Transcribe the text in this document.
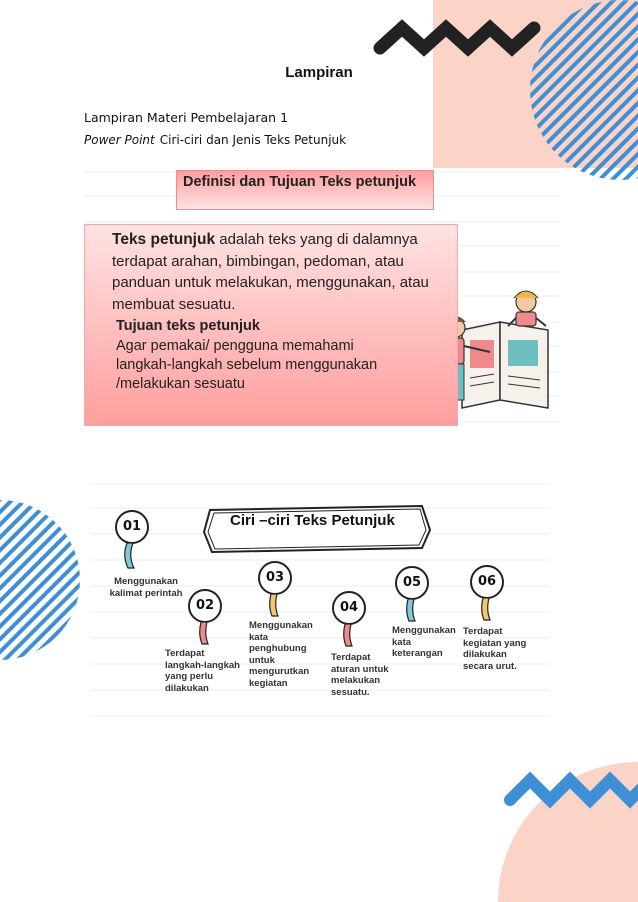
Lampiran
Lampiran Materi Pembelajaran 1
Power Point Ciri-ciri dan Jenis Teks Petunjuk
Definisi dan Tujuan Teks petunjuk
Teks petunjuk adalah teks yang di dalamnya terdapat arahan, bimbingan, pedoman, atau panduan untuk melakukan, menggunakan, atau membuat sesuatu.
Tujuan teks petunjuk
Agar pemakai/ pengguna memahami langkah-langkah sebelum menggunakan /melakukan sesuatu
Ciri –ciri Teks Petunjuk
01
02
03
04
05	06
Menggunakan kalimat perintah
Terdapat langkah-langkah yang perlu dilakukan
Menggunakan kata penghubung untuk mengurutkan kegiatan
Terdapat aturan untuk melakukan sesuatu.
Menggunakan kata keterangan
Terdapat kegiatan yang dilakukan secara urut.
